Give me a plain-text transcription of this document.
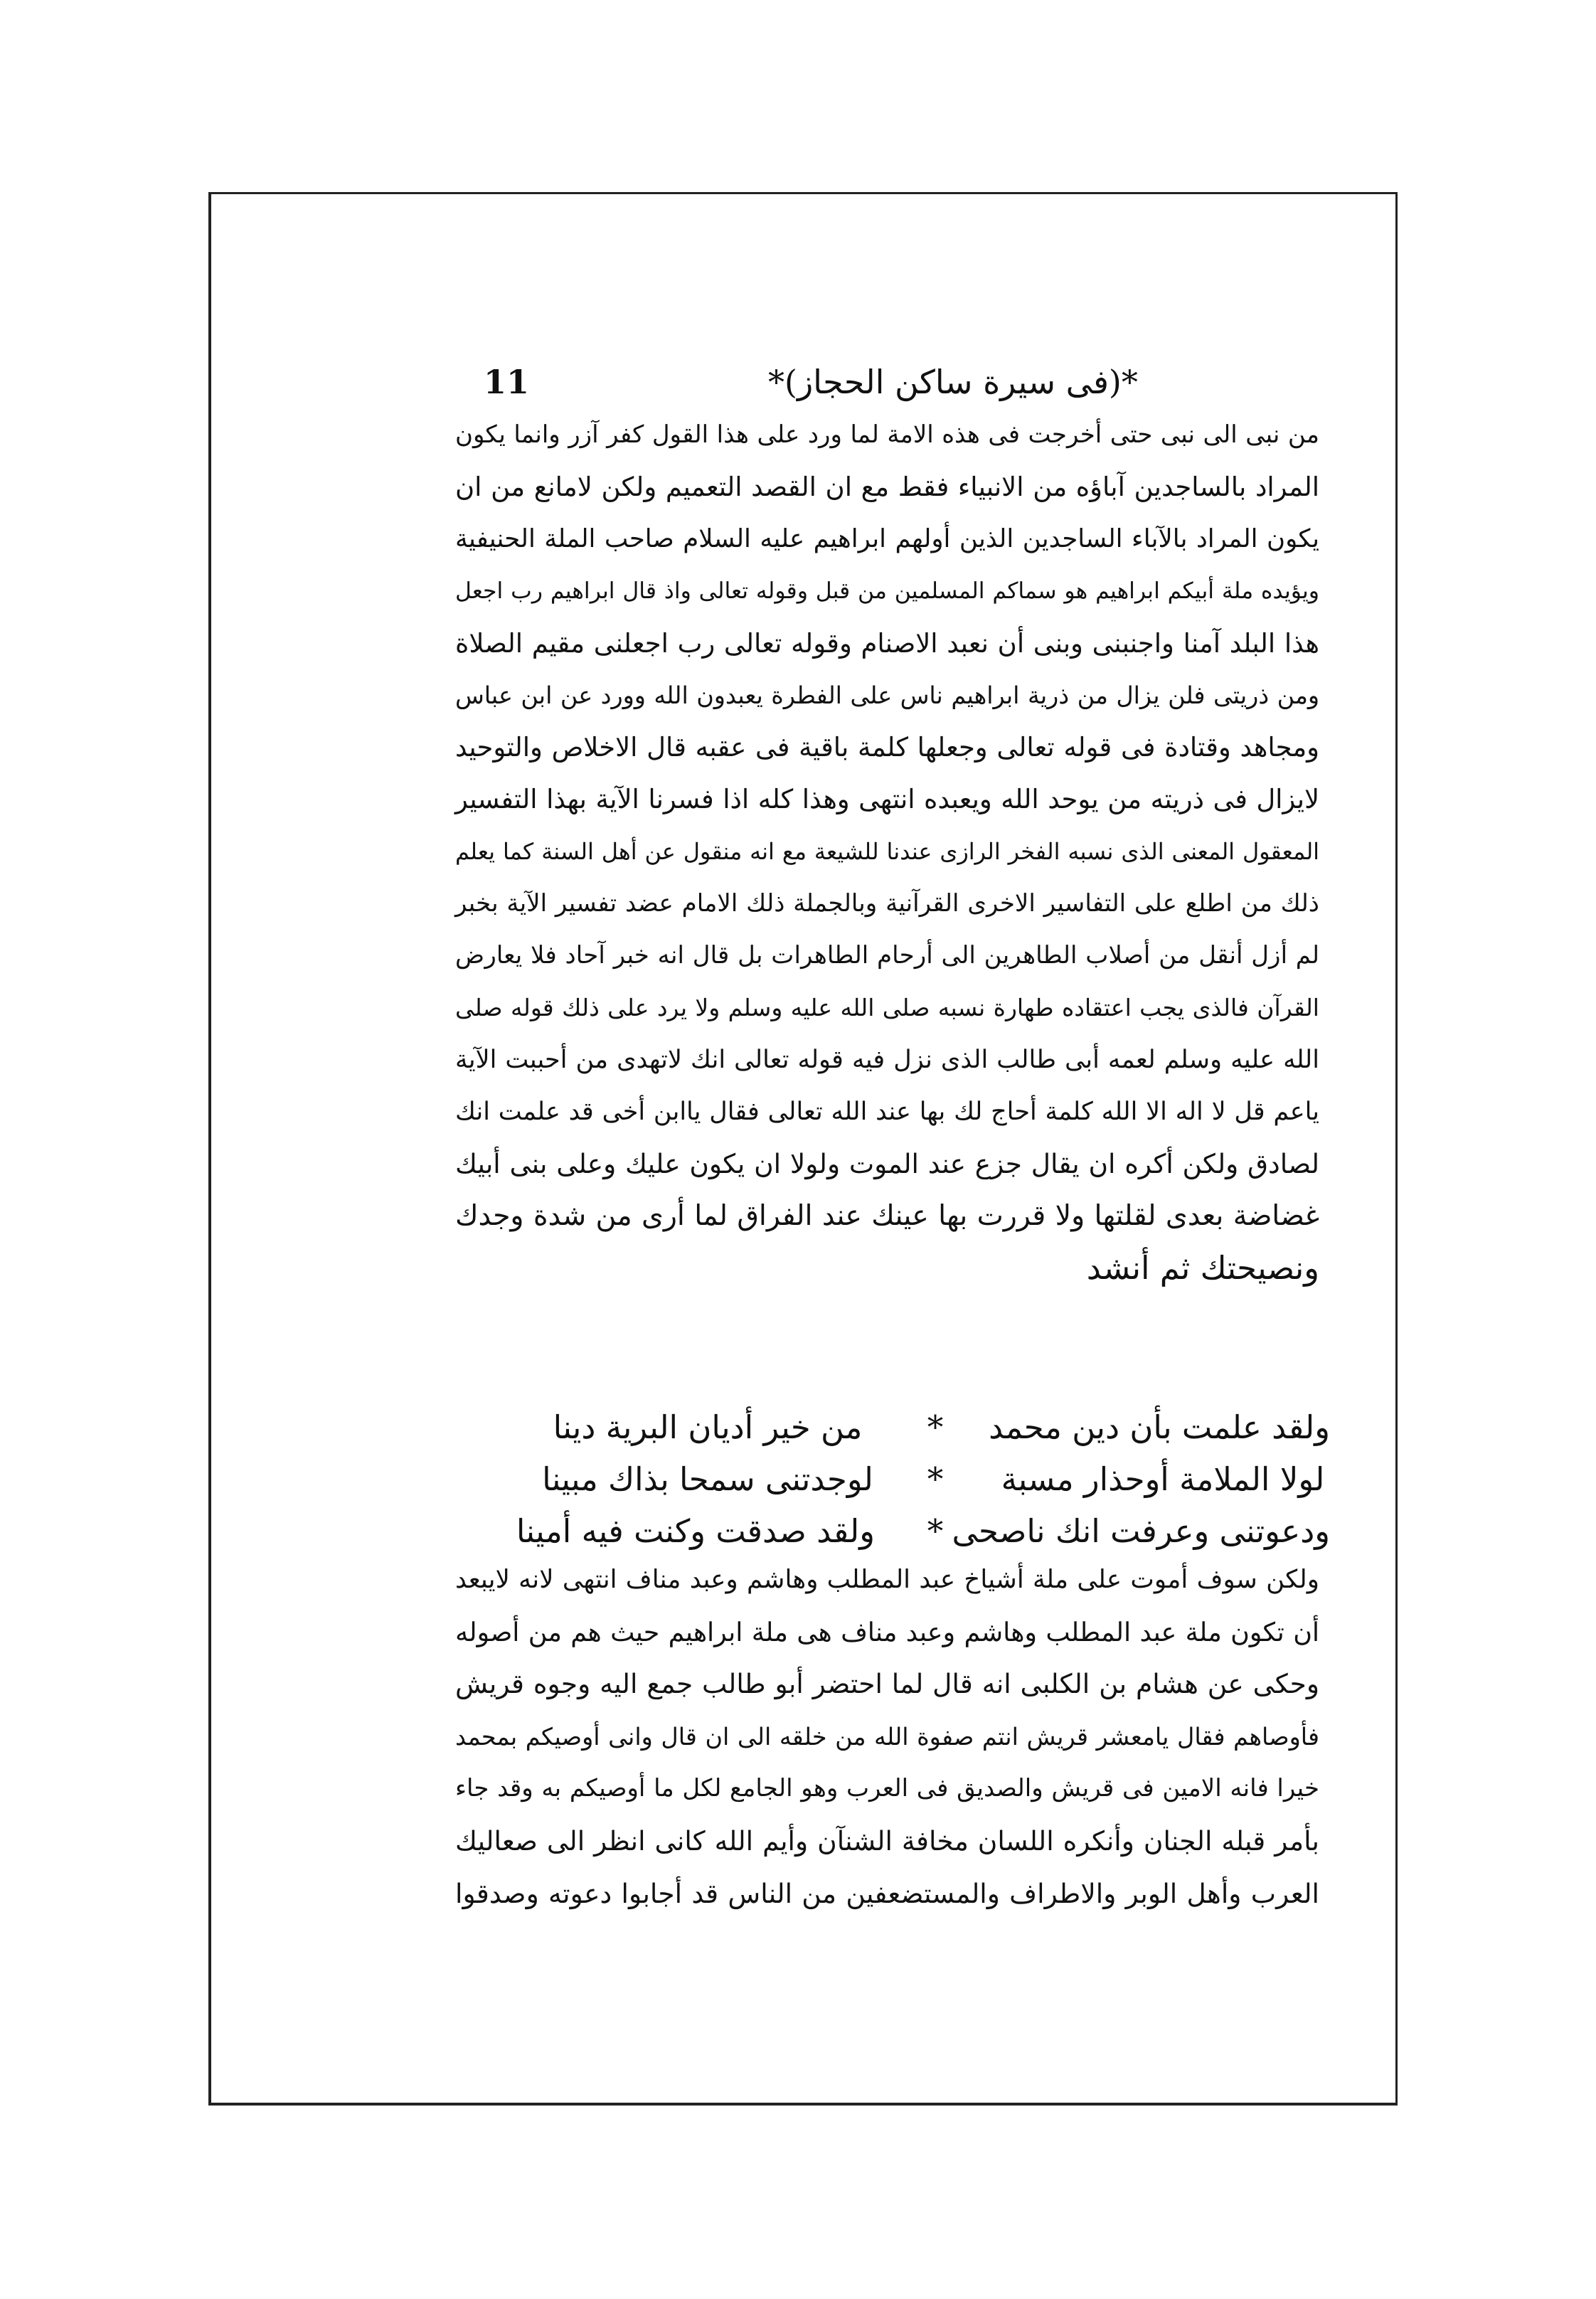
11	*(فى سيرة ساكن الحجاز)*
من نبى الى نبى حتى أخرجت فى هذه الامة لما ورد على هذا القول كفر آزر وانما يكون
المراد بالساجدين آباؤه من الانبياء فقط مع ان القصد التعميم ولكن لامانع من ان
يكون المراد بالآباء الساجدين الذين أولهم ابراهيم عليه السلام صاحب الملة الحنيفية
ويؤيده ملة أبيكم ابراهيم هو سماكم المسلمين من قبل وقوله تعالى واذ قال ابراهيم رب اجعل
هذا البلد آمنا واجنبنى وبنى أن نعبد الاصنام وقوله تعالى رب اجعلنى مقيم الصلاة
ومن ذريتى فلن يزال من ذرية ابراهيم ناس على الفطرة يعبدون الله وورد عن ابن عباس
ومجاهد وقتادة فى قوله تعالى وجعلها كلمة باقية فى عقبه قال الاخلاص والتوحيد
لايزال فى ذريته من يوحد الله ويعبده انتهى وهذا كله اذا فسرنا الآية بهذا التفسير
المعقول المعنى الذى نسبه الفخر الرازى عندنا للشيعة مع انه منقول عن أهل السنة كما يعلم
ذلك من اطلع على التفاسير الاخرى القرآنية وبالجملة ذلك الامام عضد تفسير الآية بخبر
لم أزل أنقل من أصلاب الطاهرين الى أرحام الطاهرات بل قال انه خبر آحاد فلا يعارض
القرآن فالذى يجب اعتقاده طهارة نسبه صلى الله عليه وسلم ولا يرد على ذلك قوله صلى
الله عليه وسلم لعمه أبى طالب الذى نزل فيه قوله تعالى انك لاتهدى من أحببت الآية
ياعم قل لا اله الا الله كلمة أحاج لك بها عند الله تعالى فقال ياابن أخى قد علمت انك
لصادق ولكن أكره ان يقال جزع عند الموت ولولا ان يكون عليك وعلى بنى أبيك
غضاضة بعدى لقلتها ولا قررت بها عينك عند الفراق لما أرى من شدة وجدك
ونصيحتك ثم أنشد
ولقد علمت بأن دين محمد
*
من خير أديان البرية دينا
لولا الملامة أوحذار مسبة
*
لوجدتنى سمحا بذاك مبينا
ودعوتنى وعرفت انك ناصحى
*
ولقد صدقت وكنت فيه أمينا
ولكن سوف أموت على ملة أشياخ عبد المطلب وهاشم وعبد مناف انتهى لانه لايبعد
أن تكون ملة عبد المطلب وهاشم وعبد مناف هى ملة ابراهيم حيث هم من أصوله
وحكى عن هشام بن الكلبى انه قال لما احتضر أبو طالب جمع اليه وجوه قريش
فأوصاهم فقال يامعشر قريش انتم صفوة الله من خلقه الى ان قال وانى أوصيكم بمحمد
خيرا فانه الامين فى قريش والصديق فى العرب وهو الجامع لكل ما أوصيكم به وقد جاء
بأمر قبله الجنان وأنكره اللسان مخافة الشنآن وأيم الله كانى انظر الى صعاليك
العرب وأهل الوبر والاطراف والمستضعفين من الناس قد أجابوا دعوته وصدقوا
